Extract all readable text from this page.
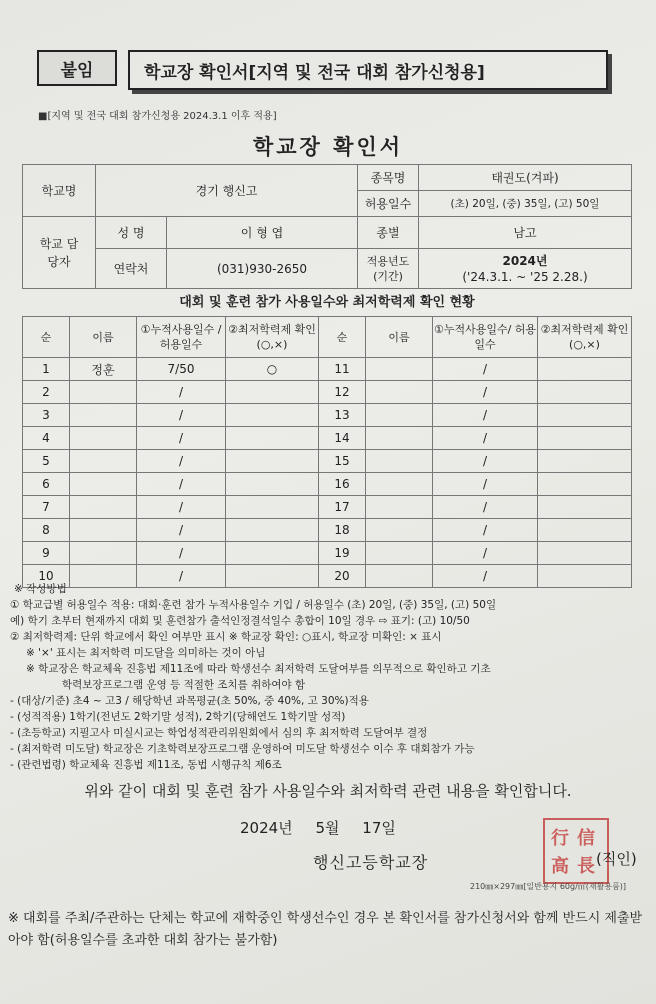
붙임	학교장 확인서[지역 및 전국 대회 참가신청용]
■[지역 및 전국 대회 참가신청용 2024.3.1 이후 적용]
학교장 확인서
학교명	경기 행신고		종목명	태권도(겨파)
			허용일수	(초) 20일, (중) 35일, (고) 50일
학교 담당자	성 명	이 형 엽	종별	남고
	연락처	(031)930-2650	적용년도 (기간)	2024년
('24.3.1. ~ '25 2.28.)
대회 및 훈련 참가 사용일수와 최저학력제 확인 현황
순	이름	①누적사용일수 /허용일수	②최저학력제 확인(○,×)	순	이름	①누적사용일수/ 허용일수	②최저학력제 확인(○,×)
1	정훈	7/50	○	11		/	
2		/		12		/	
3		/		13		/	
4		/		14		/	
5		/		15		/	
6		/		16		/	
7		/		17		/	
8		/		18		/	
9		/		19		/	
10		/		20		/	
※ 작성방법
① 학교급별 허용일수 적용: 대회·훈련 참가 누적사용일수 기입 / 허용일수 (초) 20일, (중) 35일, (고) 50일
예) 학기 초부터 현재까지 대회 및 훈련참가 출석인정결석일수 총합이 10일 경우 ⇨ 표기: (고) 10/50
② 최저학력제: 단위 학교에서 확인 여부만 표시 ※ 학교장 확인: ○표시, 학교장 미확인: × 표시
※ '×' 표시는 최저학력 미도달을 의미하는 것이 아님
※ 학교장은 학교체육 진흥법 제11조에 따라 학생선수 최저학력 도달여부를 의무적으로 확인하고 기초
학력보장프로그램 운영 등 적절한 조치를 취하여야 함
- (대상/기준) 초4 ~ 고3 / 해당학년 과목평균(초 50%, 중 40%, 고 30%)적용
- (성적적용) 1학기(전년도 2학기말 성적), 2학기(당해연도 1학기말 성적)
- (초등학교) 지필고사 미실시교는 학업성적관리위원회에서 심의 후 최저학력 도달여부 결정
- (최저학력 미도달) 학교장은 기초학력보장프로그램 운영하여 미도달 학생선수 이수 후 대회참가 가능
- (관련법령) 학교체육 진흥법 제11조, 동법 시행규칙 제6조
위와 같이 대회 및 훈련 참가 사용일수와 최저학력 관련 내용을 확인합니다.
2024년 5월 17일
행신고등학교장
行 信
高 長 (직인)
210㎜×297㎜[일반용지 60g/㎡(재활용품)]
※ 대회를 주최/주관하는 단체는 학교에 재학중인 학생선수인 경우 본 확인서를 참가신청서와 함께 반드시 제출받아야 함(허용일수를 초과한 대회 참가는 불가함)
